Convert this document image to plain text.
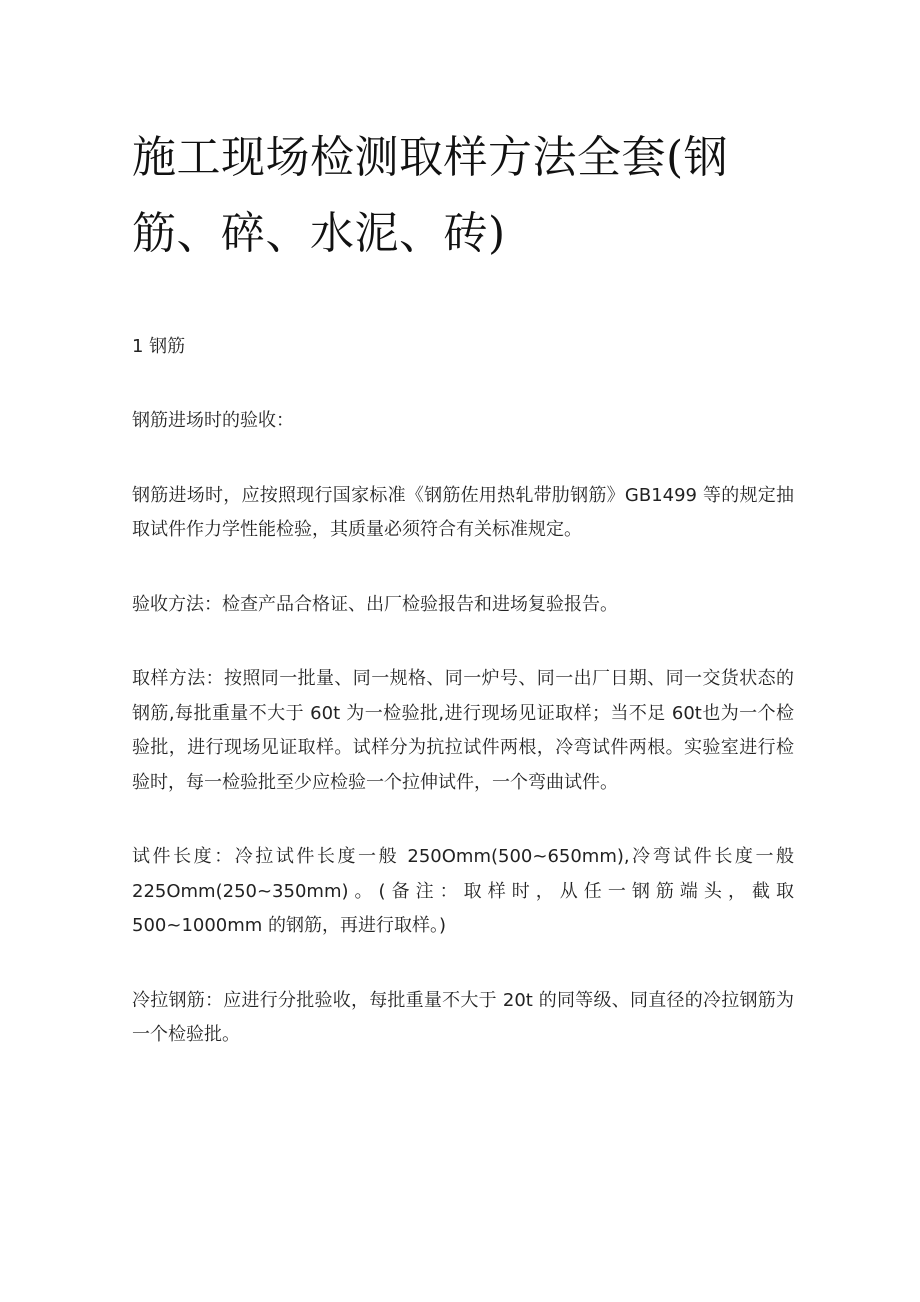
施工现场检测取样方法全套(钢筋、碎、水泥、砖)
1 钢筋

钢筋进场时的验收：

钢筋进场时，应按照现行国家标准《钢筋佐用热轧带肋钢筋》GB1499 等的规定抽取试件作力学性能检验，其质量必须符合有关标准规定。

验收方法：检查产品合格证、出厂检验报告和进场复验报告。

取样方法：按照同一批量、同一规格、同一炉号、同一出厂日期、同一交货状态的钢筋,每批重量不大于 60t 为一检验批,进行现场见证取样；当不足 60t也为一个检验批，进行现场见证取样。试样分为抗拉试件两根，冷弯试件两根。实验室进行检验时，每一检验批至少应检验一个拉伸试件，一个弯曲试件。

试件长度：冷拉试件长度一般 250Omm(500~650mm),冷弯试件长度一般225Omm(250~350mm)。(备注：取样时，从任一钢筋端头，截取500~1000mm 的钢筋，再进行取样。)

冷拉钢筋：应进行分批验收，每批重量不大于 20t 的同等级、同直径的冷拉钢筋为一个检验批。
